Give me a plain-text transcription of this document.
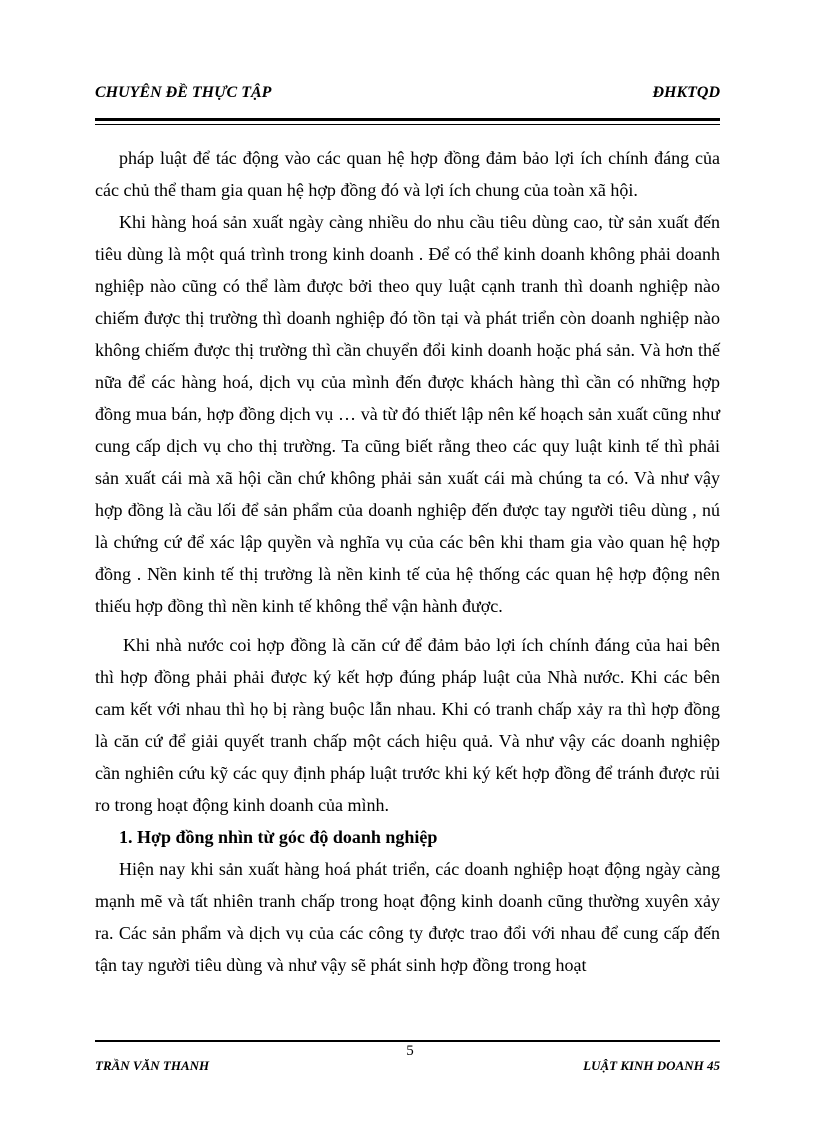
CHUYÊN ĐỀ THỰC TẬP	ĐHKTQD

pháp luật để tác động vào các quan hệ hợp đồng đảm bảo lợi ích chính đáng của các chủ thể tham gia quan hệ hợp đồng đó và lợi ích chung của toàn xã hội.

Khi hàng hoá sản xuất ngày càng nhiều do nhu cầu tiêu dùng cao, từ sản xuất đến tiêu dùng là một quá trình trong kinh doanh . Để có thể kinh doanh không phải doanh nghiệp nào cũng có thể làm được bởi theo quy luật cạnh tranh thì doanh nghiệp nào chiếm được thị trường thì doanh nghiệp đó tồn tại và phát triển còn doanh nghiệp nào không chiếm được thị trường thì cần chuyển đổi kinh doanh hoặc phá sản. Và hơn thế nữa để các hàng hoá, dịch vụ của mình đến được khách hàng thì cần có những hợp đồng mua bán, hợp đồng dịch vụ … và từ đó thiết lập nên kế hoạch sản xuất cũng như cung cấp dịch vụ cho thị trường. Ta cũng biết rằng theo các quy luật kinh tế thì phải sản xuất cái mà xã hội cần chứ không phải sản xuất cái mà chúng ta có. Và như vậy hợp đồng là cầu lối để sản phẩm của doanh nghiệp đến được tay người tiêu dùng , nú là chứng cứ để xác lập quyền và nghĩa vụ của các bên khi tham gia vào quan hệ hợp đồng . Nền kinh tế thị trường là nền kinh tế của hệ thống các quan hệ hợp động nên thiếu hợp đồng thì nền kinh tế không thể vận hành được.

Khi nhà nước coi hợp đồng là căn cứ để đảm bảo lợi ích chính đáng của hai bên thì hợp đồng phải phải được ký kết hợp đúng pháp luật của Nhà nước. Khi các bên cam kết với nhau thì họ bị ràng buộc lẫn nhau. Khi có tranh chấp xảy ra thì hợp đồng là căn cứ để giải quyết tranh chấp một cách hiệu quả. Và như vậy các doanh nghiệp cần nghiên cứu kỹ các quy định pháp luật trước khi ký kết hợp đồng để tránh được rủi ro trong hoạt động kinh doanh của mình.

1. Hợp đồng nhìn từ góc độ doanh nghiệp

Hiện nay khi sản xuất hàng hoá phát triển, các doanh nghiệp hoạt động ngày càng mạnh mẽ và tất nhiên tranh chấp trong hoạt động kinh doanh cũng thường xuyên xảy ra. Các sản phẩm và dịch vụ của các công ty được trao đổi với nhau để cung cấp đến tận tay người tiêu dùng và như vậy sẽ phát sinh hợp đồng trong hoạt

5
TRẦN VĂN THANH	LUẬT KINH DOANH 45
